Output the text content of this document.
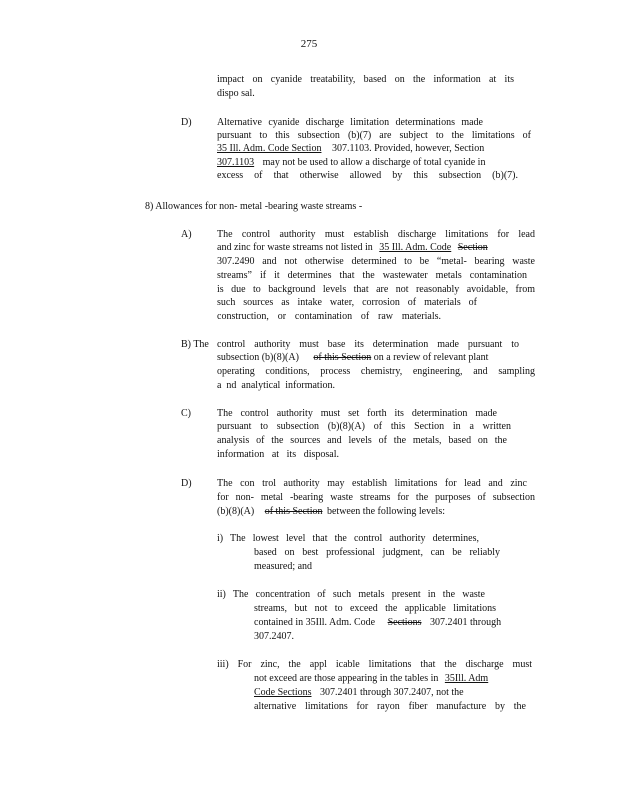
275
impact on cyanide treatability, based on the information at its
dispo sal.
D)	Alternative cyanide discharge limitation determinations made
pursuant to this subsection (b)(7) are subject to the limitations of
35 Ill. Adm. Code Section 307.1103. Provided, however, Section
307.1103 may not be used to allow a discharge of total cyanide in
excess of that otherwise allowed by this subsection (b)(7).
8) Allowances for non- metal -bearing waste streams -
A)	The control authority must establish discharge limitations for lead
and zinc for waste streams not listed in 35 Ill. Adm. Code Section
307.2490 and not otherwise determined to be “metal- bearing waste
streams” if it determines that the wastewater metals contamination
is due to background levels that are not reasonably avoidable, from
such sources as intake water, corrosion of materials of
construction, or contamination of raw materials.
B) The control authority must base its determination made pursuant to
subsection (b)(8)(A) of this Section on a review of relevant plant
operating conditions, process chemistry, engineering, and sampling
a nd analytical information.
C)	The control authority must set forth its determination made
pursuant to subsection (b)(8)(A) of this Section in a written
analysis of the sources and levels of the metals, based on the
information at its disposal.
D)	The con trol authority may establish limitations for lead and zinc
for non- metal -bearing waste streams for the purposes of subsection
(b)(8)(A) of this Section between the following levels:
i) The lowest level that the control authority determines,
based on best professional judgment, can be reliably
measured; and
ii) The concentration of such metals present in the waste
streams, but not to exceed the applicable limitations
contained in 35Ill. Adm. Code Sections 307.2401 through
307.2407.
iii) For zinc, the appl icable limitations that the discharge must
not exceed are those appearing in the tables in 35Ill. Adm
Code Sections 307.2401 through 307.2407, not the
alternative limitations for rayon fiber manufacture by the
